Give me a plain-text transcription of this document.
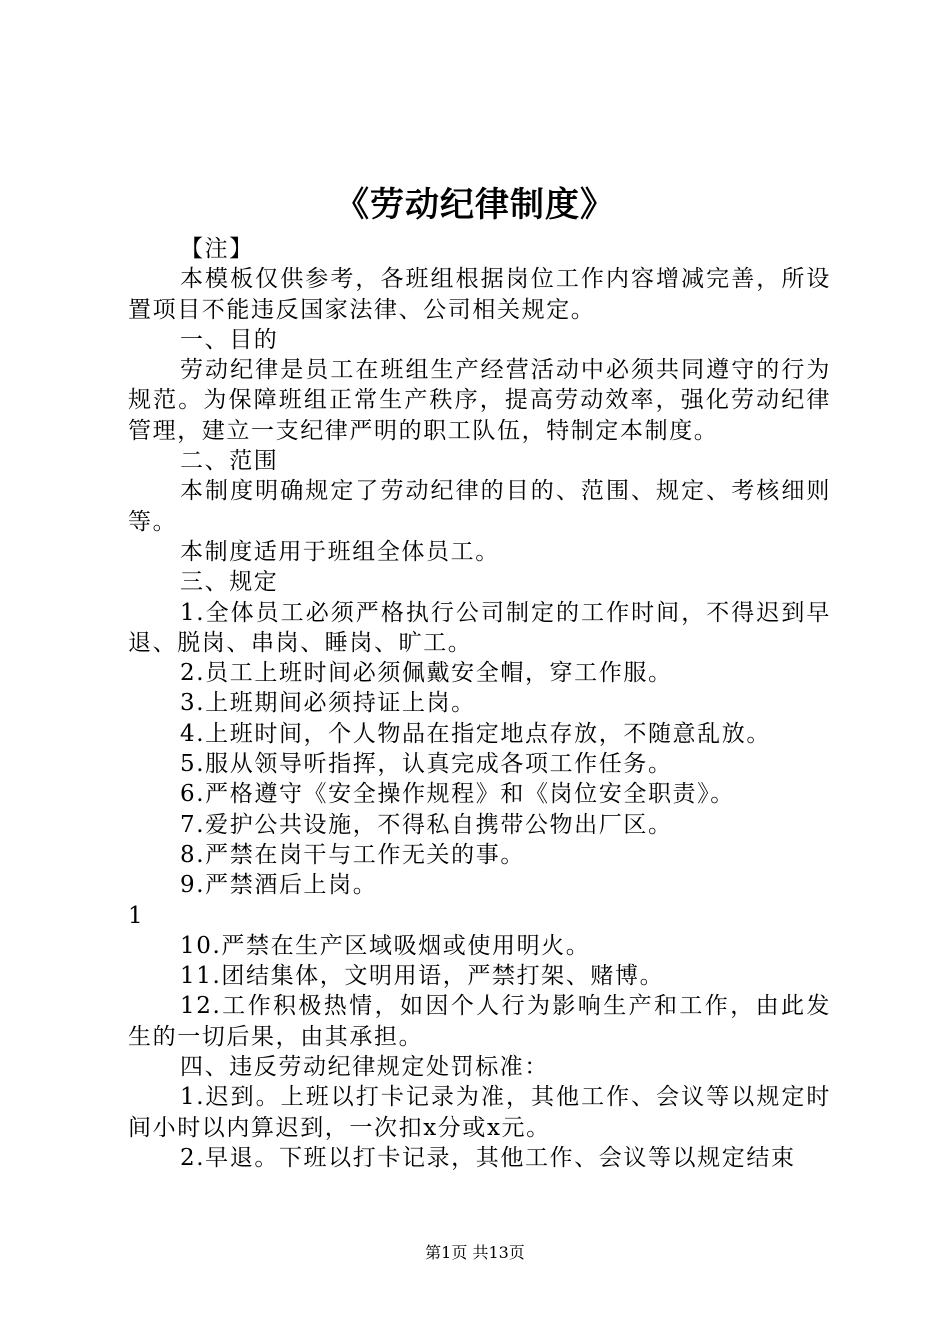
《劳动纪律制度》

【注】

本模板仅供参考，各班组根据岗位工作内容增减完善，所设置项目不能违反国家法律、公司相关规定。

一、目的

劳动纪律是员工在班组生产经营活动中必须共同遵守的行为规范。为保障班组正常生产秩序，提高劳动效率，强化劳动纪律管理，建立一支纪律严明的职工队伍，特制定本制度。

二、范围

本制度明确规定了劳动纪律的目的、范围、规定、考核细则等。

本制度适用于班组全体员工。

三、规定

1.全体员工必须严格执行公司制定的工作时间，不得迟到早退、脱岗、串岗、睡岗、旷工。

2.员工上班时间必须佩戴安全帽，穿工作服。

3.上班期间必须持证上岗。

4.上班时间，个人物品在指定地点存放，不随意乱放。

5.服从领导听指挥，认真完成各项工作任务。

6.严格遵守《安全操作规程》和《岗位安全职责》。

7.爱护公共设施，不得私自携带公物出厂区。

8.严禁在岗干与工作无关的事。

9.严禁酒后上岗。

1

10.严禁在生产区域吸烟或使用明火。

11.团结集体，文明用语，严禁打架、赌博。

12.工作积极热情，如因个人行为影响生产和工作，由此发生的一切后果，由其承担。

四、违反劳动纪律规定处罚标准：

1.迟到。上班以打卡记录为准，其他工作、会议等以规定时间小时以内算迟到，一次扣x分或x元。

2.早退。下班以打卡记录，其他工作、会议等以规定结束

第1页 共13页
